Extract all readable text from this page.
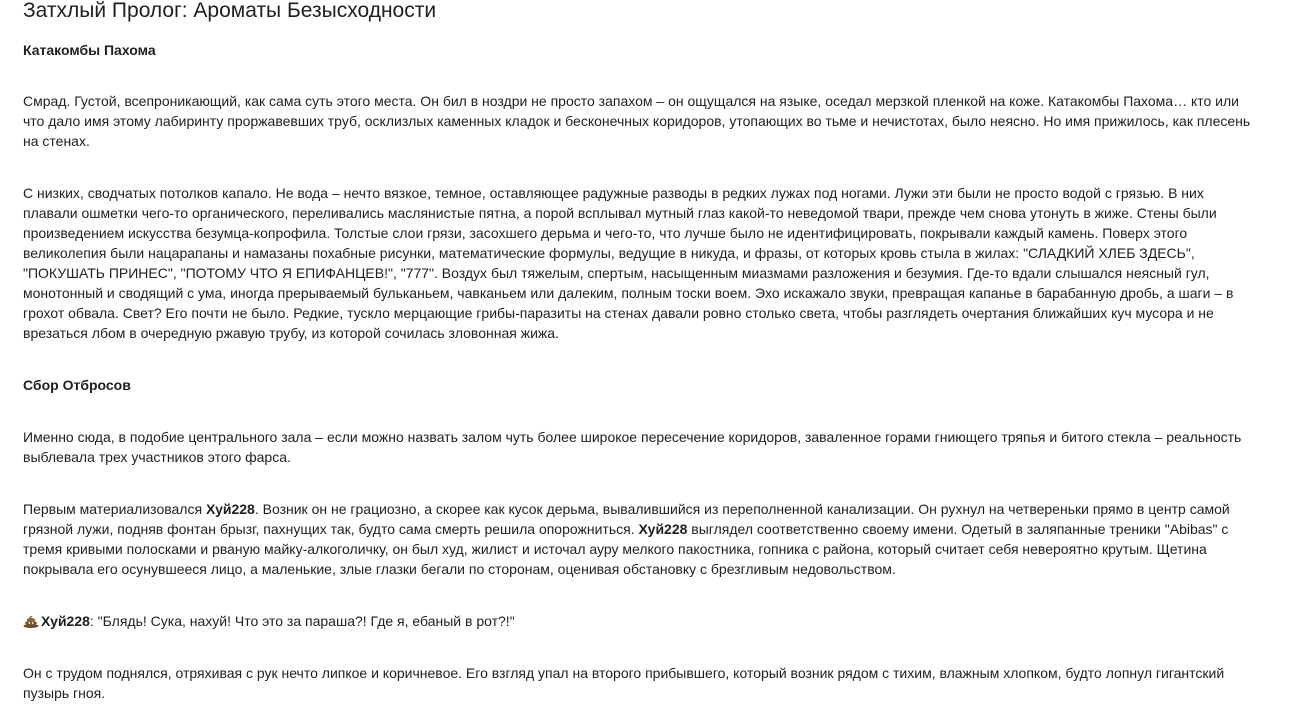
Затхлый Пролог: Ароматы Безысходности
Катакомбы Пахома

Смрад. Густой, всепроникающий, как сама суть этого места. Он бил в ноздри не просто запахом – он ощущался на языке, оседал мерзкой пленкой на коже. Катакомбы Пахома… кто или что дало имя этому лабиринту проржавевших труб, осклизлых каменных кладок и бесконечных коридоров, утопающих во тьме и нечистотах, было неясно. Но имя прижилось, как плесень на стенах.

С низких, сводчатых потолков капало. Не вода – нечто вязкое, темное, оставляющее радужные разводы в редких лужах под ногами. Лужи эти были не просто водой с грязью. В них плавали ошметки чего-то органического, переливались маслянистые пятна, а порой всплывал мутный глаз какой-то неведомой твари, прежде чем снова утонуть в жиже. Стены были произведением искусства безумца-копрофила. Толстые слои грязи, засохшего дерьма и чего-то, что лучше было не идентифицировать, покрывали каждый камень. Поверх этого великолепия были нацарапаны и намазаны похабные рисунки, математические формулы, ведущие в никуда, и фразы, от которых кровь стыла в жилах: "СЛАДКИЙ ХЛЕБ ЗДЕСЬ", "ПОКУШАТЬ ПРИНЕС", "ПОТОМУ ЧТО Я ЕПИФАНЦЕВ!", "777". Воздух был тяжелым, спертым, насыщенным миазмами разложения и безумия. Где-то вдали слышался неясный гул, монотонный и сводящий с ума, иногда прерываемый бульканьем, чавканьем или далеким, полным тоски воем. Эхо искажало звуки, превращая капанье в барабанную дробь, а шаги – в грохот обвала. Свет? Его почти не было. Редкие, тускло мерцающие грибы-паразиты на стенах давали ровно столько света, чтобы разглядеть очертания ближайших куч мусора и не врезаться лбом в очередную ржавую трубу, из которой сочилась зловонная жижа.

Сбор Отбросов

Именно сюда, в подобие центрального зала – если можно назвать залом чуть более широкое пересечение коридоров, заваленное горами гниющего тряпья и битого стекла – реальность выблевала трех участников этого фарса.

Первым материализовался Хуй228. Возник он не грациозно, а скорее как кусок дерьма, вывалившийся из переполненной канализации. Он рухнул на четвереньки прямо в центр самой грязной лужи, подняв фонтан брызг, пахнущих так, будто сама смерть решила опорожниться. Хуй228 выглядел соответственно своему имени. Одетый в заляпанные треники "Abibas" с тремя кривыми полосками и рваную майку-алкоголичку, он был худ, жилист и источал ауру мелкого пакостника, гопника с района, который считает себя невероятно крутым. Щетина покрывала его осунувшееся лицо, а маленькие, злые глазки бегали по сторонам, оценивая обстановку с брезгливым недовольством.

Хуй228: "Блядь! Сука, нахуй! Что это за параша?! Где я, ебаный в рот?!"

Он с трудом поднялся, отряхивая с рук нечто липкое и коричневое. Его взгляд упал на второго прибывшего, который возник рядом с тихим, влажным хлопком, будто лопнул гигантский пузырь гноя.
